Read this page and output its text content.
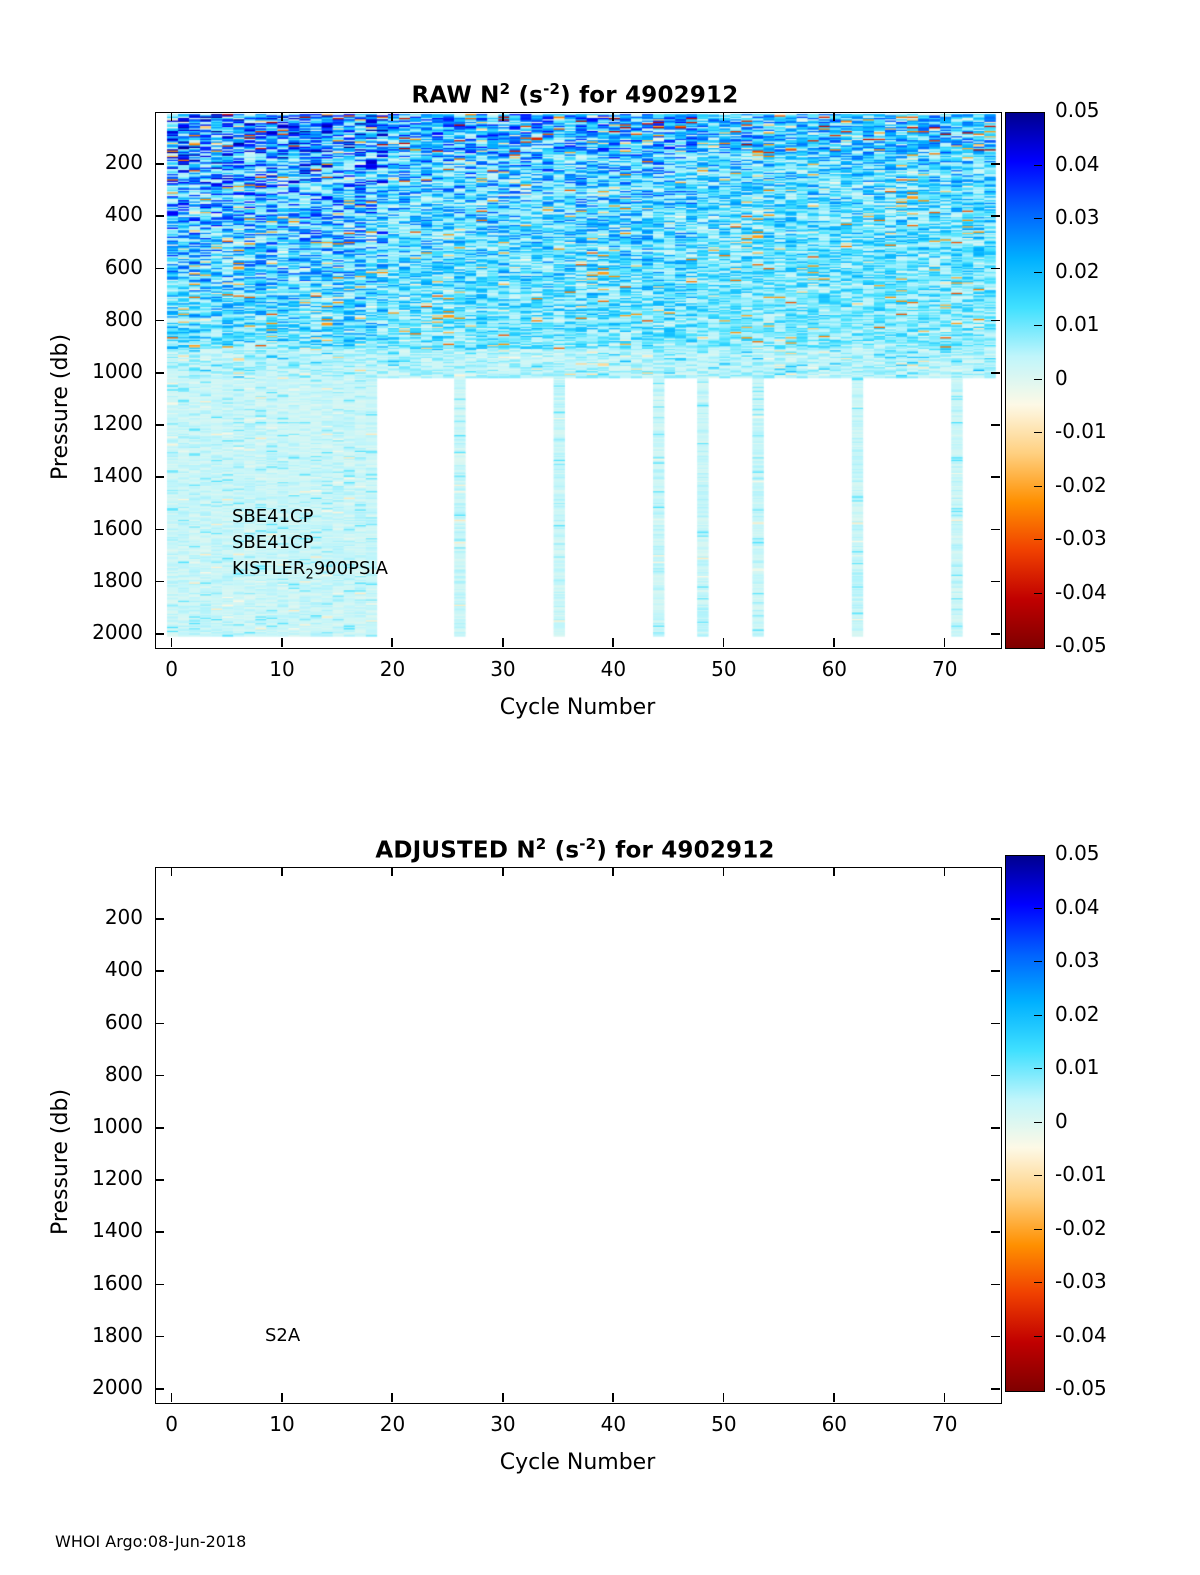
RAW $N^2$ $(s^{-2})$ for 4902912
Pressure (db)
Cycle Number
SBE41CP
SBE41CP
$KISTLER_2900PSIA$
200
400
600
800
1000
1200
1400
1600
1800
2000
0	10	20	30	40	50	60	70
0.05
0.04
0.03
0.02
0.01
0
-0.01
-0.02
-0.03
-0.04
-0.05
ADJUSTED $N^2$ $(s^{-2})$ for 4902912
Pressure (db)
Cycle Number
S2A
200
400
600
800
1000
1200
1400
1600
1800
2000
0	10	20	30	40	50	60	70
0.05
0.04
0.03
0.02
0.01
0
-0.01
-0.02
-0.03
-0.04
-0.05
WHOI Argo:08-Jun-2018
